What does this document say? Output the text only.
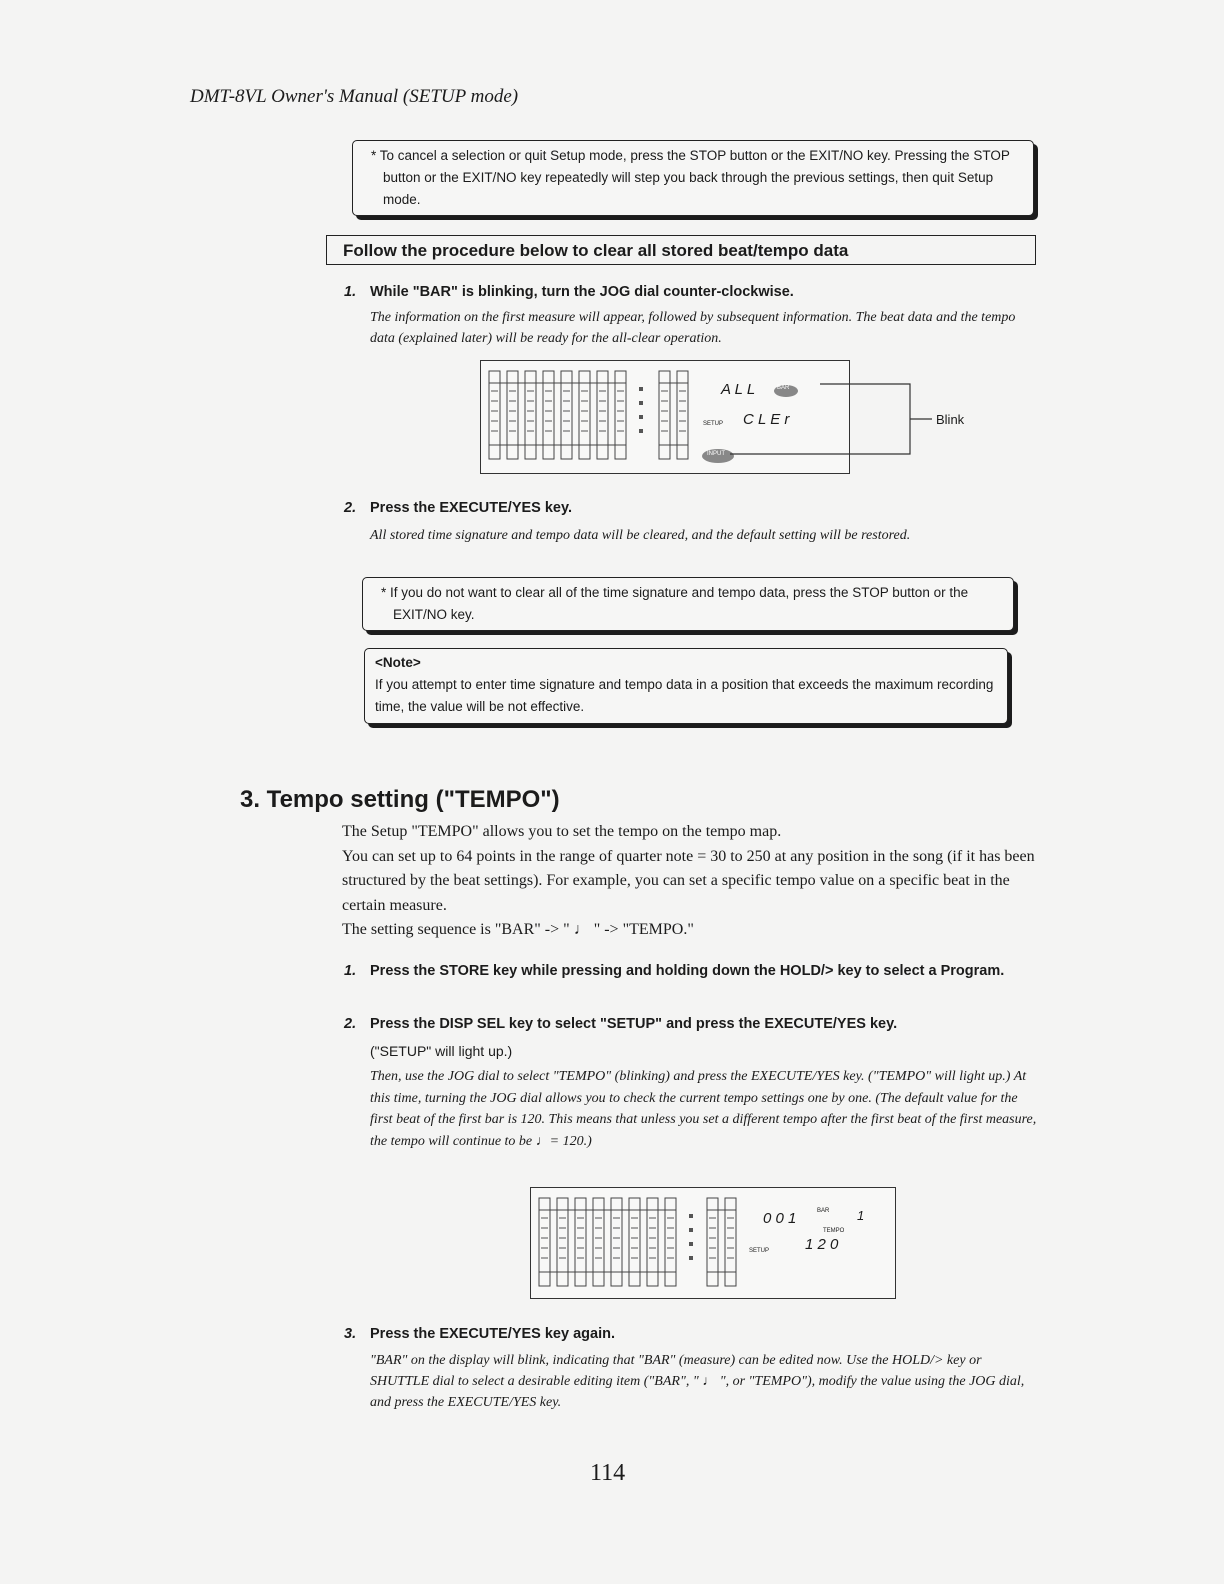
DMT-8VL Owner's Manual (SETUP mode)
* To cancel a selection or quit Setup mode, press the STOP button or the EXIT/NO key. Pressing the STOP button or the EXIT/NO key repeatedly will step you back through the previous settings, then quit Setup mode.
Follow the procedure below to clear all stored beat/tempo data
1. While "BAR" is blinking, turn the JOG dial counter-clockwise.
The information on the first measure will appear, followed by subsequent information. The beat data and the tempo data (explained later) will be ready for the all-clear operation.
A L L	BAR
SETUP C L E r
INPUT
Blink
2. Press the EXECUTE/YES key.
All stored time signature and tempo data will be cleared, and the default setting will be restored.
* If you do not want to clear all of the time signature and tempo data, press the STOP button or the EXIT/NO key.
<Note>
If you attempt to enter time signature and tempo data in a position that exceeds the maximum recording time, the value will be not effective.
3. Tempo setting ("TEMPO")
The Setup "TEMPO" allows you to set the tempo on the tempo map.
You can set up to 64 points in the range of quarter note = 30 to 250 at any position in the song (if it has been structured by the beat settings). For example, you can set a specific tempo value on a specific beat in the certain measure.
The setting sequence is "BAR" -> " ♩ " -> "TEMPO."
1. Press the STORE key while pressing and holding down the HOLD/> key to select a Program.
2. Press the DISP SEL key to select "SETUP" and press the EXECUTE/YES key.
("SETUP" will light up.)
Then, use the JOG dial to select "TEMPO" (blinking) and press the EXECUTE/YES key. ("TEMPO" will light up.) At this time, turning the JOG dial allows you to check the current tempo settings one by one. (The default value for the first beat of the first bar is 120. This means that unless you set a different tempo after the first beat of the first measure, the tempo will continue to be ♩= 120.)
0 0 1	BAR 1
TEMPO
SETUP 1 2 0
3. Press the EXECUTE/YES key again.
"BAR" on the display will blink, indicating that "BAR" (measure) can be edited now. Use the HOLD/> key or SHUTTLE dial to select a desirable editing item ("BAR", " ♩ ", or "TEMPO"), modify the value using the JOG dial, and press the EXECUTE/YES key.
114
